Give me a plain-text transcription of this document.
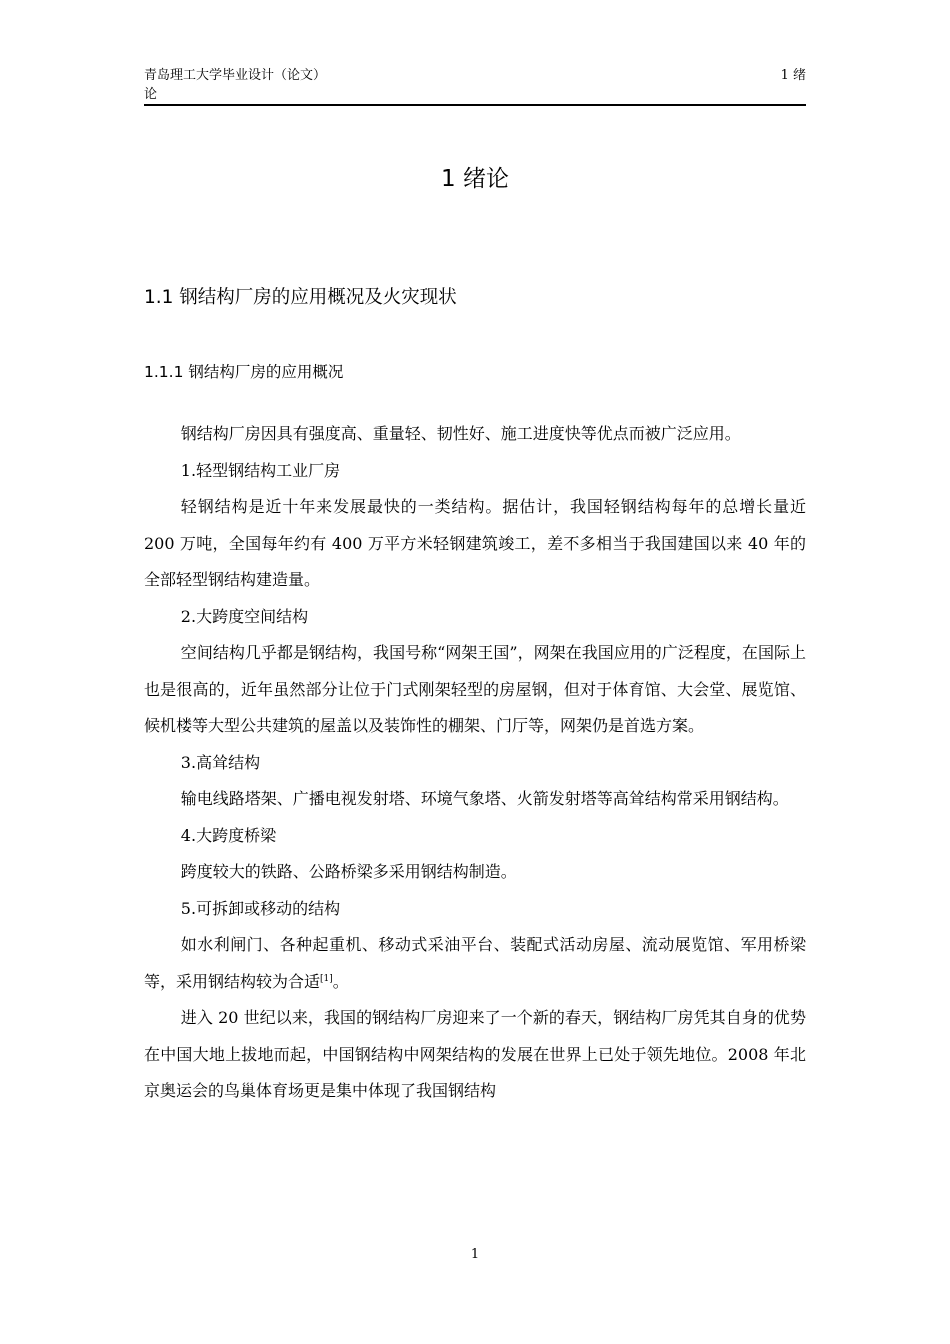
青岛理工大学毕业设计（论文）
论
1 绪
1 绪论
1.1 钢结构厂房的应用概况及火灾现状
1.1.1 钢结构厂房的应用概况

钢结构厂房因具有强度高、重量轻、韧性好、施工进度快等优点而被广泛应用。

1.轻型钢结构工业厂房

轻钢结构是近十年来发展最快的一类结构。据估计，我国轻钢结构每年的总增长量近 200 万吨，全国每年约有 400 万平方米轻钢建筑竣工，差不多相当于我国建国以来 40 年的全部轻型钢结构建造量。

2.大跨度空间结构

空间结构几乎都是钢结构，我国号称“网架王国”，网架在我国应用的广泛程度，在国际上也是很高的，近年虽然部分让位于门式刚架轻型的房屋钢，但对于体育馆、大会堂、展览馆、候机楼等大型公共建筑的屋盖以及装饰性的棚架、门厅等，网架仍是首选方案。

3.高耸结构

输电线路塔架、广播电视发射塔、环境气象塔、火箭发射塔等高耸结构常采用钢结构。

4.大跨度桥梁

跨度较大的铁路、公路桥梁多采用钢结构制造。

5.可拆卸或移动的结构

如水利闸门、各种起重机、移动式采油平台、装配式活动房屋、流动展览馆、军用桥梁等，采用钢结构较为合适[1]。

进入 20 世纪以来，我国的钢结构厂房迎来了一个新的春天，钢结构厂房凭其自身的优势在中国大地上拔地而起，中国钢结构中网架结构的发展在世界上已处于领先地位。2008 年北京奥运会的鸟巢体育场更是集中体现了我国钢结构

1
